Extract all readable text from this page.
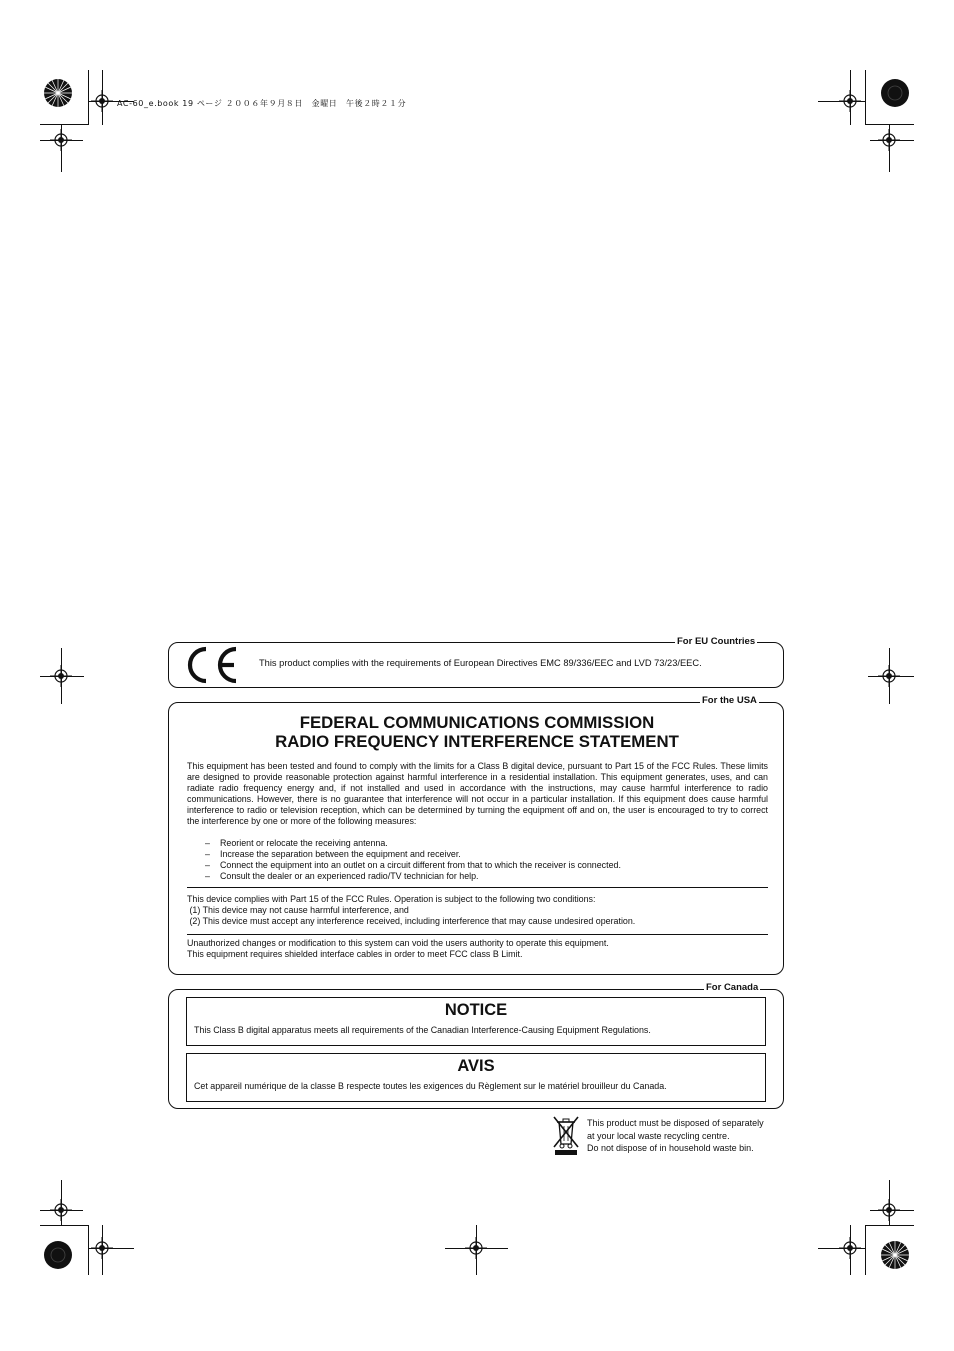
AC-60_e.book 19 ページ ２００６年９月８日　金曜日　午後２時２１分
For EU Countries
This product complies with the requirements of European Directives EMC 89/336/EEC and LVD 73/23/EEC.
For the USA
FEDERAL COMMUNICATIONS COMMISSION
RADIO FREQUENCY INTERFERENCE STATEMENT
This equipment has been tested and found to comply with the limits for a Class B digital device, pursuant to Part 15 of the FCC Rules. These limits are designed to provide reasonable protection against harmful interference in a residential installation. This equipment generates, uses, and can radiate radio frequency energy and, if not installed and used in accordance with the instructions, may cause harmful interference to radio communications. However, there is no guarantee that interference will not occur in a particular installation. If this equipment does cause harmful interference to radio or television reception, which can be determined by turning the equipment off and on, the user is encouraged to try to correct the interference by one or more of the following measures:
– Reorient or relocate the receiving antenna.
– Increase the separation between the equipment and receiver.
– Connect the equipment into an outlet on a circuit different from that to which the receiver is connected.
– Consult the dealer or an experienced radio/TV technician for help.
This device complies with Part 15 of the FCC Rules. Operation is subject to the following two conditions:
(1) This device may not cause harmful interference, and
(2) This device must accept any interference received, including interference that may cause undesired operation.
Unauthorized changes or modification to this system can void the users authority to operate this equipment.
This equipment requires shielded interface cables in order to meet FCC class B Limit.
For Canada
NOTICE
This Class B digital apparatus meets all requirements of the Canadian Interference-Causing Equipment Regulations.
AVIS
Cet appareil numérique de la classe B respecte toutes les exigences du Règlement sur le matériel brouilleur du Canada.
This product must be disposed of separately
at your local waste recycling centre.
Do not dispose of in household waste bin.
